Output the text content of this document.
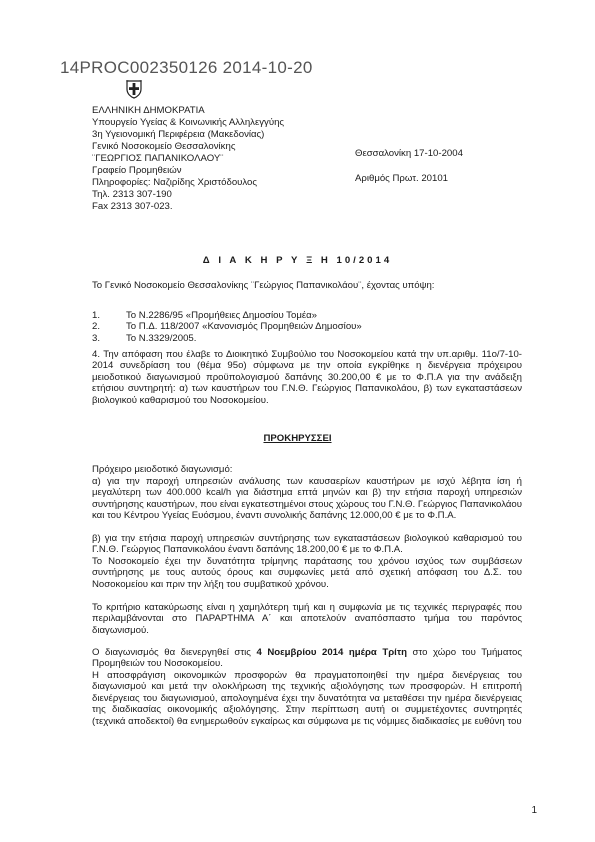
14PROC002350126 2014-10-20
ΕΛΛΗΝΙΚΗ ΔΗΜΟΚΡΑΤΙΑ
Υπουργείο Υγείας & Κοινωνικής Αλληλεγγύης
3η Υγειονομική Περιφέρεια (Μακεδονίας)
Γενικό Νοσοκομείο Θεσσαλονίκης
¨ΓΕΩΡΓΙΟΣ ΠΑΠΑΝΙΚΟΛΑΟΥ¨
Γραφείο Προμηθειών
Πληροφορίες: Ναζιρίδης Χριστόδουλος
Τηλ. 2313 307-190
Fax 2313 307-023.
Θεσσαλονίκη 17-10-2004
Αριθμός Πρωτ. 20101
Δ Ι Α Κ Η Ρ Υ Ξ Η 10/2014
Το Γενικό Νοσοκομείο Θεσσαλονίκης ¨Γεώργιος Παπανικολάου¨, έχοντας υπόψη:
1.	Το Ν.2286/95 «Προμήθειες Δημοσίου Τομέα»
2.	Το Π.Δ. 118/2007 «Κανονισμός Προμηθειών Δημοσίου»
3.	Το Ν.3329/2005.
4. Την απόφαση που έλαβε το Διοικητικό Συμβούλιο του Νοσοκομείου κατά την υπ.αριθμ. 11ο/7-10-2014 συνεδρίαση του (θέμα 95ο) σύμφωνα με την οποία εγκρίθηκε η διενέργεια πρόχειρου μειοδοτικού διαγωνισμού προϋπολογισμού δαπάνης 30.200,00 € με το Φ.Π.Α για την ανάδειξη ετήσιου συντηρητή: α) των καυστήρων του Γ.Ν.Θ. Γεώργιος Παπανικολάου, β) των εγκαταστάσεων βιολογικού καθαρισμού του Νοσοκομείου.
ΠΡΟΚΗΡΥΣΣΕΙ
Πρόχειρο μειοδοτικό διαγωνισμό:
α) για την παροχή υπηρεσιών ανάλυσης των καυσαερίων καυστήρων με ισχύ λέβητα ίση ή μεγαλύτερη των 400.000 kcal/h για διάστημα επτά μηνών και β) την ετήσια παροχή υπηρεσιών συντήρησης καυστήρων, που είναι εγκατεστημένοι στους χώρους του Γ.Ν.Θ. Γεώργιος Παπανικολάου και του Κέντρου Υγείας Ευόσμου, έναντι συνολικής δαπάνης 12.000,00 € με το Φ.Π.Α.
β) για την ετήσια παροχή υπηρεσιών συντήρησης των εγκαταστάσεων βιολογικού καθαρισμού του Γ.Ν.Θ. Γεώργιος Παπανικολάου έναντι δαπάνης 18.200,00 € με το Φ.Π.Α.
Το Νοσοκομείο έχει την δυνατότητα τρίμηνης παράτασης του χρόνου ισχύος των συμβάσεων συντήρησης με τους αυτούς όρους και συμφωνίες μετά από σχετική απόφαση του Δ.Σ. του Νοσοκομείου και πριν την λήξη του συμβατικού χρόνου.
Το κριτήριο κατακύρωσης είναι η χαμηλότερη τιμή και η συμφωνία με τις τεχνικές περιγραφές που περιλαμβάνονται στο ΠΑΡΑΡΤΗΜΑ Α΄ και αποτελούν αναπόσπαστο τμήμα του παρόντος διαγωνισμού.
Ο διαγωνισμός θα διενεργηθεί στις 4 Νοεμβρίου 2014 ημέρα Τρίτη στο χώρο του Τμήματος Προμηθειών του Νοσοκομείου.
Η αποσφράγιση οικονομικών προσφορών θα πραγματοποιηθεί την ημέρα διενέργειας του διαγωνισμού και μετά την ολοκλήρωση της τεχνικής αξιολόγησης των προσφορών. Η επιτροπή διενέργειας του διαγωνισμού, απολογημένα έχει την δυνατότητα να μεταθέσει την ημέρα διενέργειας της διαδικασίας οικονομικής αξιολόγησης. Στην περίπτωση αυτή οι συμμετέχοντες συντηρητές (τεχνικά αποδεκτοί) θα ενημερωθούν εγκαίρως και σύμφωνα με τις νόμιμες διαδικασίες με ευθύνη του
1
